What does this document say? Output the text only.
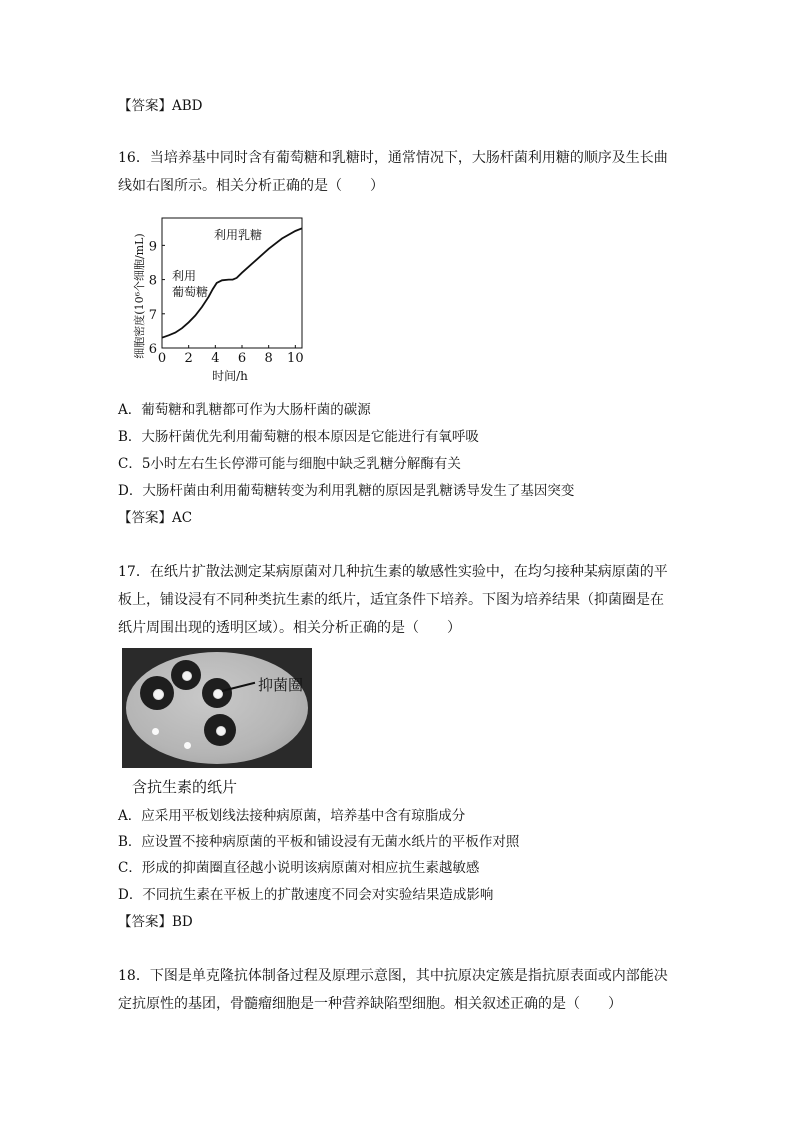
【答案】ABD
16．当培养基中同时含有葡萄糖和乳糖时，通常情况下，大肠杆菌利用糖的顺序及生长曲
线如右图所示。相关分析正确的是（　　）
细胞密度(10⁶个细胞/mL)
时间/h
利用
葡萄糖
利用乳糖
0 2 4 6 8 10
6
7
8
9
A．葡萄糖和乳糖都可作为大肠杆菌的碳源
B．大肠杆菌优先利用葡萄糖的根本原因是它能进行有氧呼吸
C．5小时左右生长停滞可能与细胞中缺乏乳糖分解酶有关
D．大肠杆菌由利用葡萄糖转变为利用乳糖的原因是乳糖诱导发生了基因突变
【答案】AC
17．在纸片扩散法测定某病原菌对几种抗生素的敏感性实验中，在均匀接种某病原菌的平
板上，铺设浸有不同种类抗生素的纸片，适宜条件下培养。下图为培养结果（抑菌圈是在
纸片周围出现的透明区域）。相关分析正确的是（　　）
抑菌圈
含抗生素的纸片
A．应采用平板划线法接种病原菌，培养基中含有琼脂成分
B．应设置不接种病原菌的平板和铺设浸有无菌水纸片的平板作对照
C．形成的抑菌圈直径越小说明该病原菌对相应抗生素越敏感
D．不同抗生素在平板上的扩散速度不同会对实验结果造成影响
【答案】BD
18．下图是单克隆抗体制备过程及原理示意图，其中抗原决定簇是指抗原表面或内部能决
定抗原性的基团，骨髓瘤细胞是一种营养缺陷型细胞。相关叙述正确的是（　　）
